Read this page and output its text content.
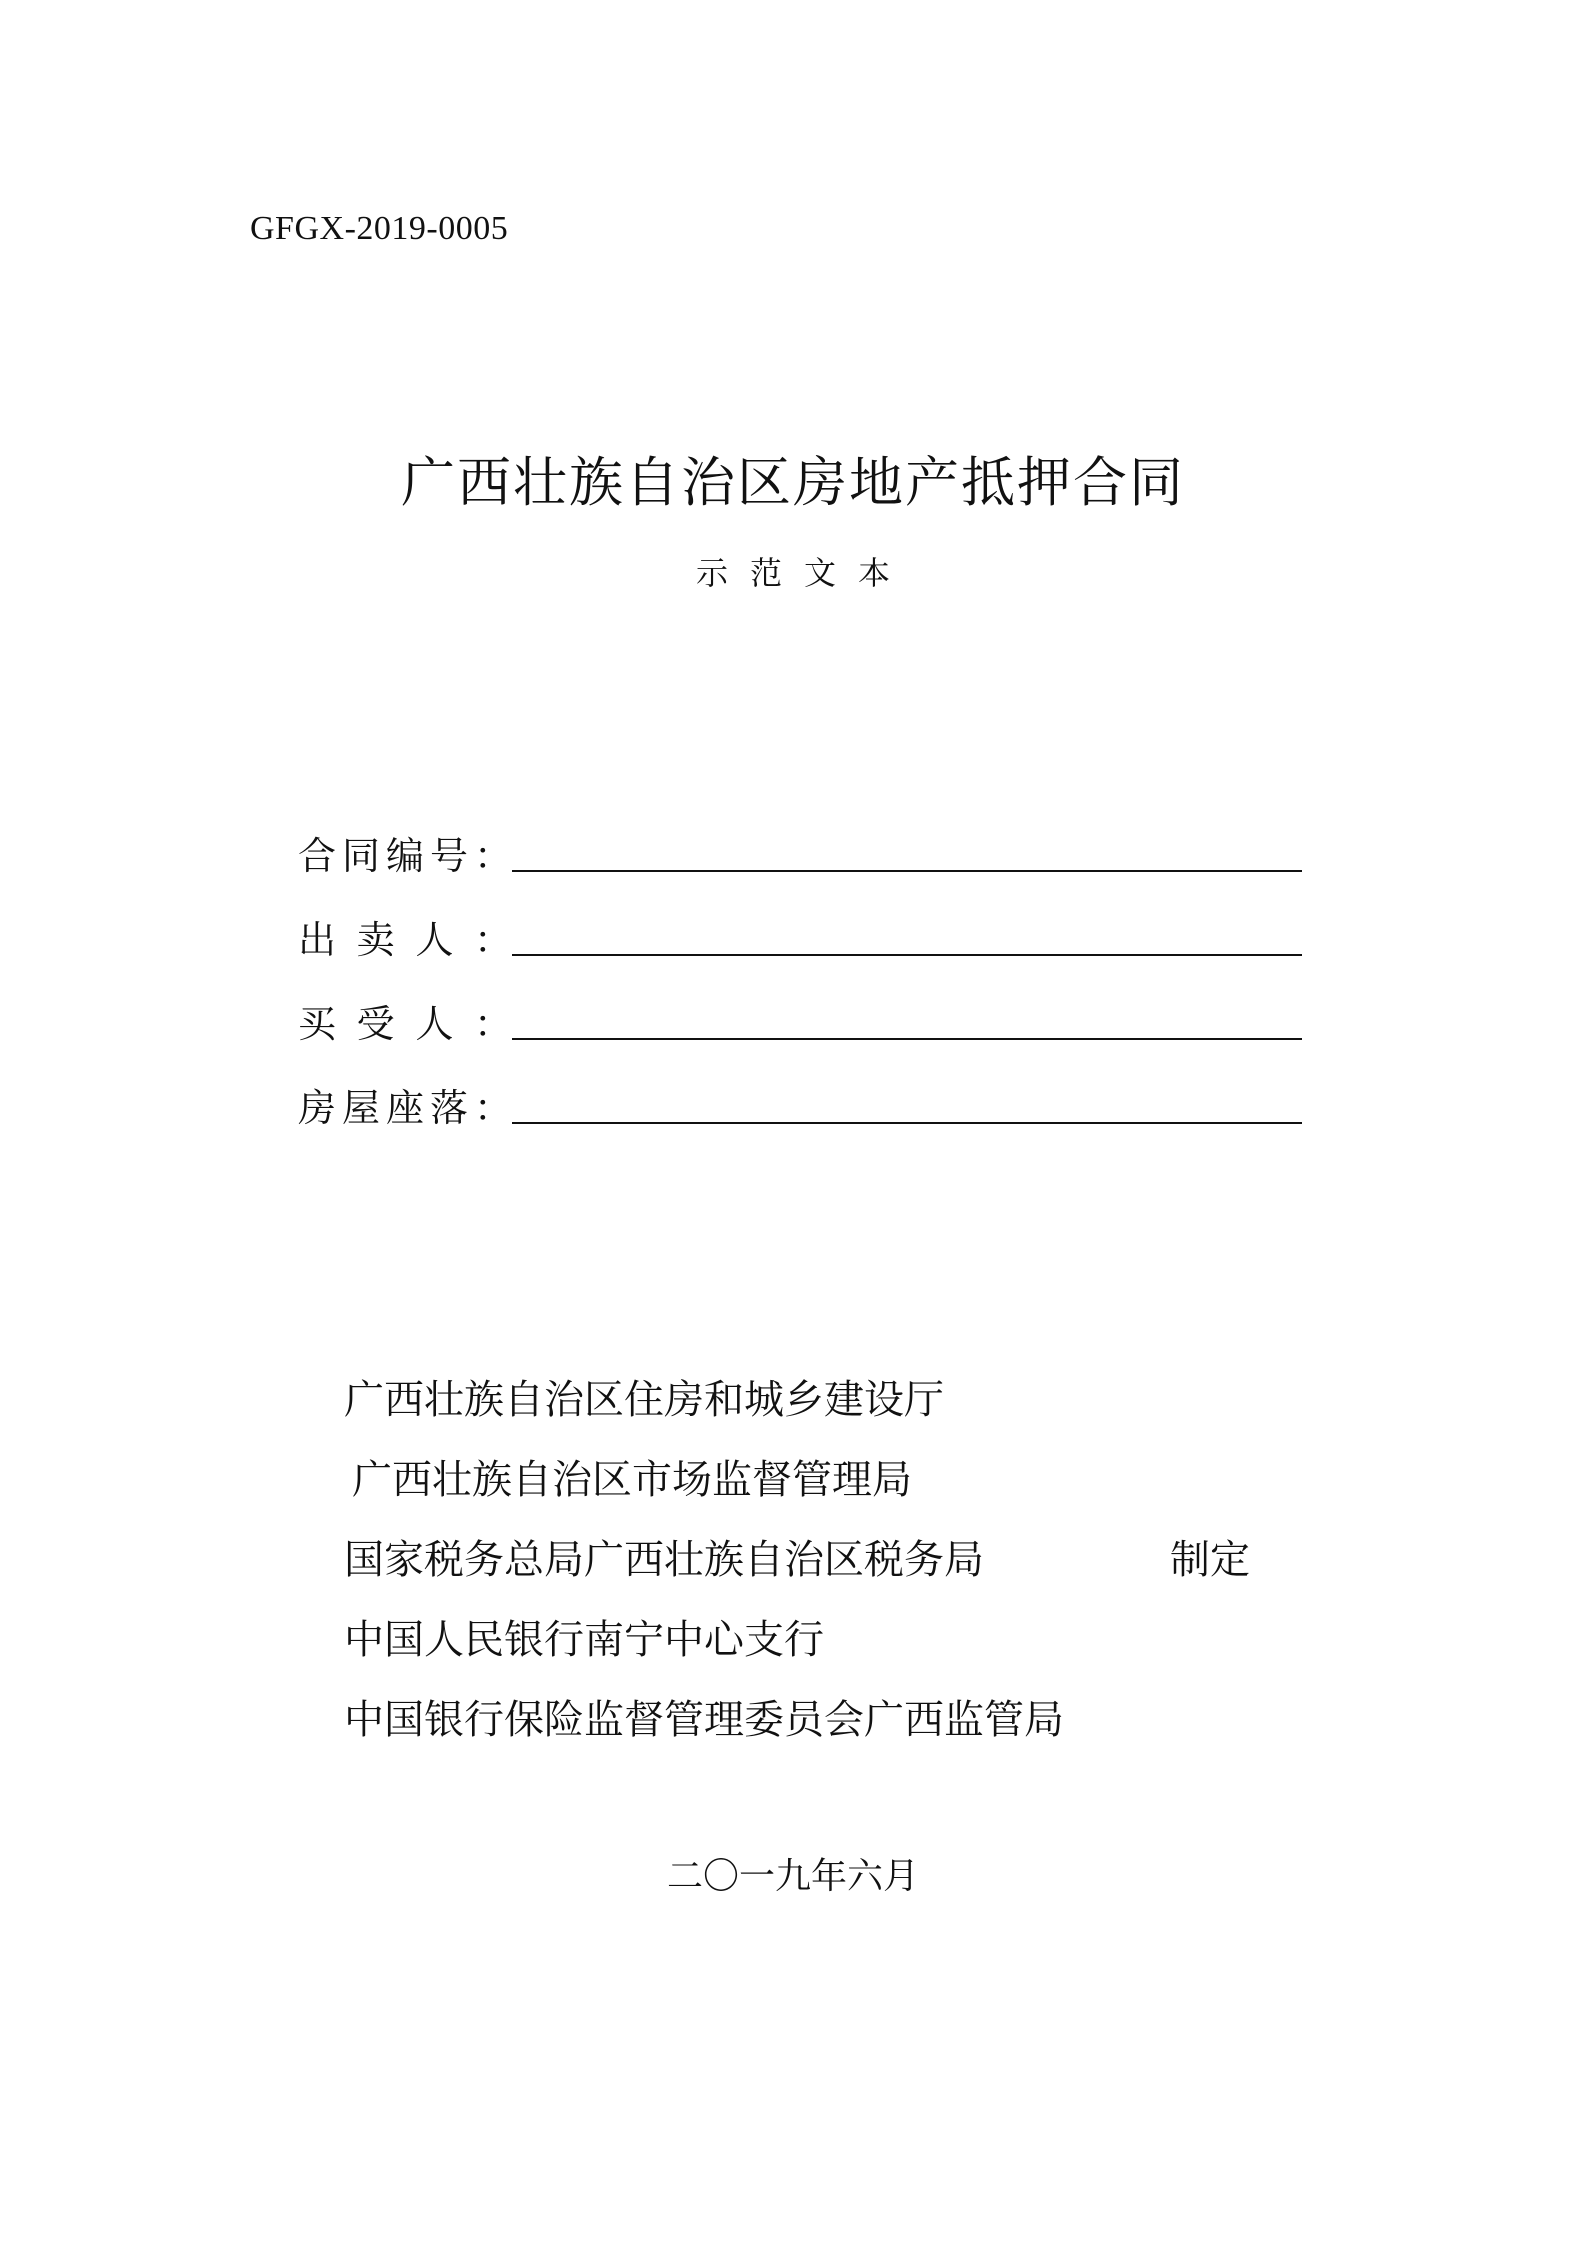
GFGX-2019-0005
广西壮族自治区房地产抵押合同
示范文本
合 同 编 号 ：
出 卖 人 ：
买 受 人 ：
房 屋 座 落 ：
广西壮族自治区住房和城乡建设厅
广西壮族自治区市场监督管理局
国家税务总局广西壮族自治区税务局
中国人民银行南宁中心支行
中国银行保险监督管理委员会广西监管局
制定
二〇一九年六月
